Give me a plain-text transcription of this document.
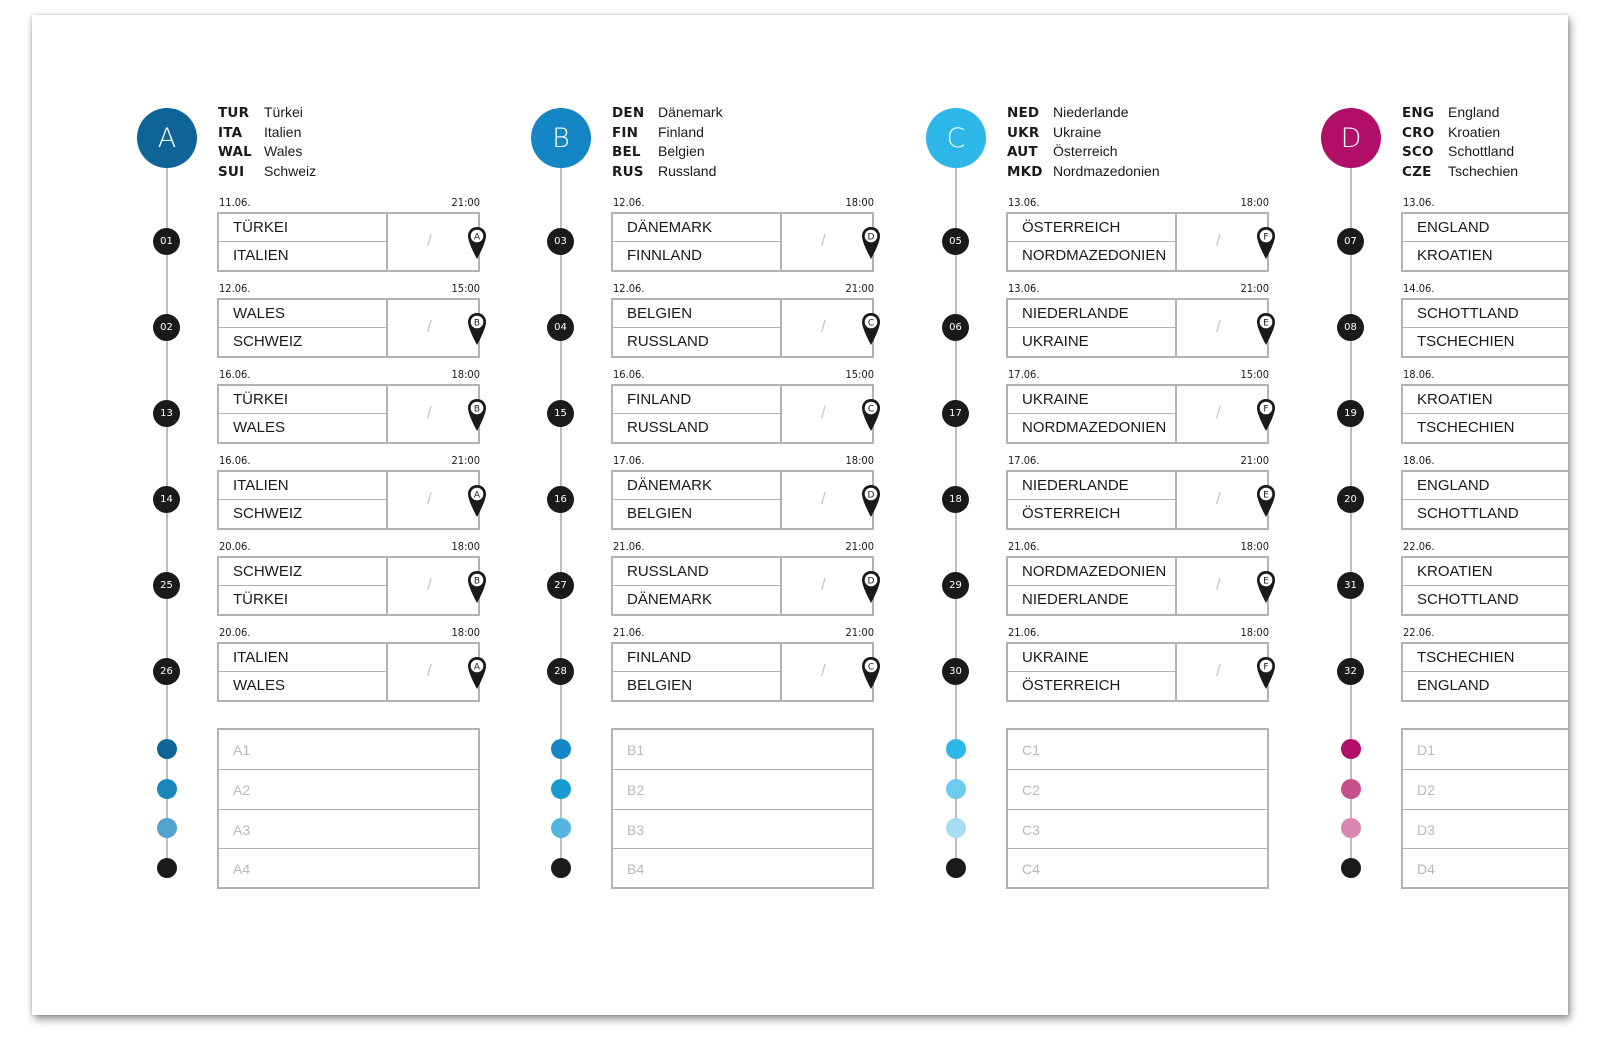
A
TUR Türkei
ITA Italien
WAL Wales
SUI Schweiz
01
11.06.	21:00
TÜRKEI
ITALIEN
/	A
02
12.06.	15:00
WALES
SCHWEIZ
/	B
13
16.06.	18:00
TÜRKEI
WALES
/	B
14
16.06.	21:00
ITALIEN
SCHWEIZ
/	A
25
20.06.	18:00
SCHWEIZ
TÜRKEI
/	B
26
20.06.	18:00
ITALIEN
WALES
/	A
A1
A2
A3
A4
B
DEN Dänemark
FIN Finland
BEL Belgien
RUS Russland
03
12.06.	18:00
DÄNEMARK
FINNLAND
/	D
04
12.06.	21:00
BELGIEN
RUSSLAND
/	C
15
16.06.	15:00
FINLAND
RUSSLAND
/	C
16
17.06.	18:00
DÄNEMARK
BELGIEN
/	D
27
21.06.	21:00
RUSSLAND
DÄNEMARK
/	D
28
21.06.	21:00
FINLAND
BELGIEN
/	C
B1
B2
B3
B4
C
NED Niederlande
UKR Ukraine
AUT Österreich
MKD Nordmazedonien
05
13.06.	18:00
ÖSTERREICH
NORDMAZEDONIEN
/	F
06
13.06.	21:00
NIEDERLANDE
UKRAINE
/	E
17
17.06.	15:00
UKRAINE
NORDMAZEDONIEN
/	F
18
17.06.	21:00
NIEDERLANDE
ÖSTERREICH
/	E
29
21.06.	18:00
NORDMAZEDONIEN
NIEDERLANDE
/	E
30
21.06.	18:00
UKRAINE
ÖSTERREICH
/	F
C1
C2
C3
C4
D
ENG England
CRO Kroatien
SCO Schottland
CZE Tschechien
07
13.06.
ENGLAND
KROATIEN
08
14.06.
SCHOTTLAND
TSCHECHIEN
19
18.06.
KROATIEN
TSCHECHIEN
20
18.06.
ENGLAND
SCHOTTLAND
31
22.06.
KROATIEN
SCHOTTLAND
32
22.06.
TSCHECHIEN
ENGLAND
D1
D2
D3
D4
